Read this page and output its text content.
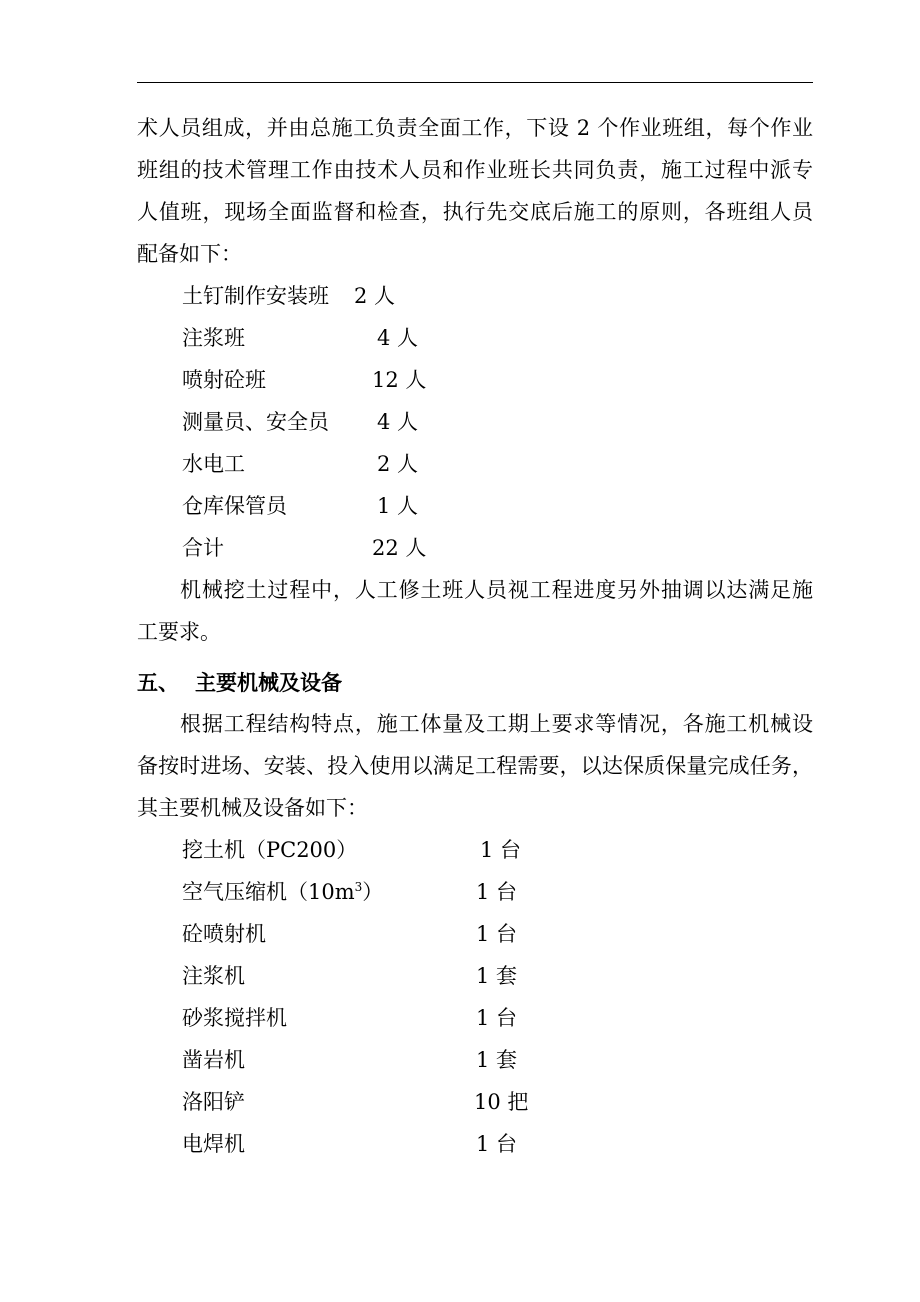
术人员组成，并由总施工负责全面工作，下设 2 个作业班组，每个作业
班组的技术管理工作由技术人员和作业班长共同负责，施工过程中派专
人值班，现场全面监督和检查，执行先交底后施工的原则，各班组人员
配备如下：
土钉制作安装班 2 人
注浆班	4 人
喷射砼班	12 人
测量员、安全员 4 人
水电工	2 人
仓库保管员	1 人
合计	22 人
机械挖土过程中，人工修土班人员视工程进度另外抽调以达满足施
工要求。
五、 主要机械及设备
根据工程结构特点，施工体量及工期上要求等情况，各施工机械设
备按时进场、安装、投入使用以满足工程需要，以达保质保量完成任务，
其主要机械及设备如下：
挖土机（PC200）	1 台
空气压缩机$(10m^3)$	1 台
砼喷射机	1 台
注浆机	1 套
砂浆搅拌机	1 台
凿岩机	1 套
洛阳铲	10 把
电焊机	1 台
